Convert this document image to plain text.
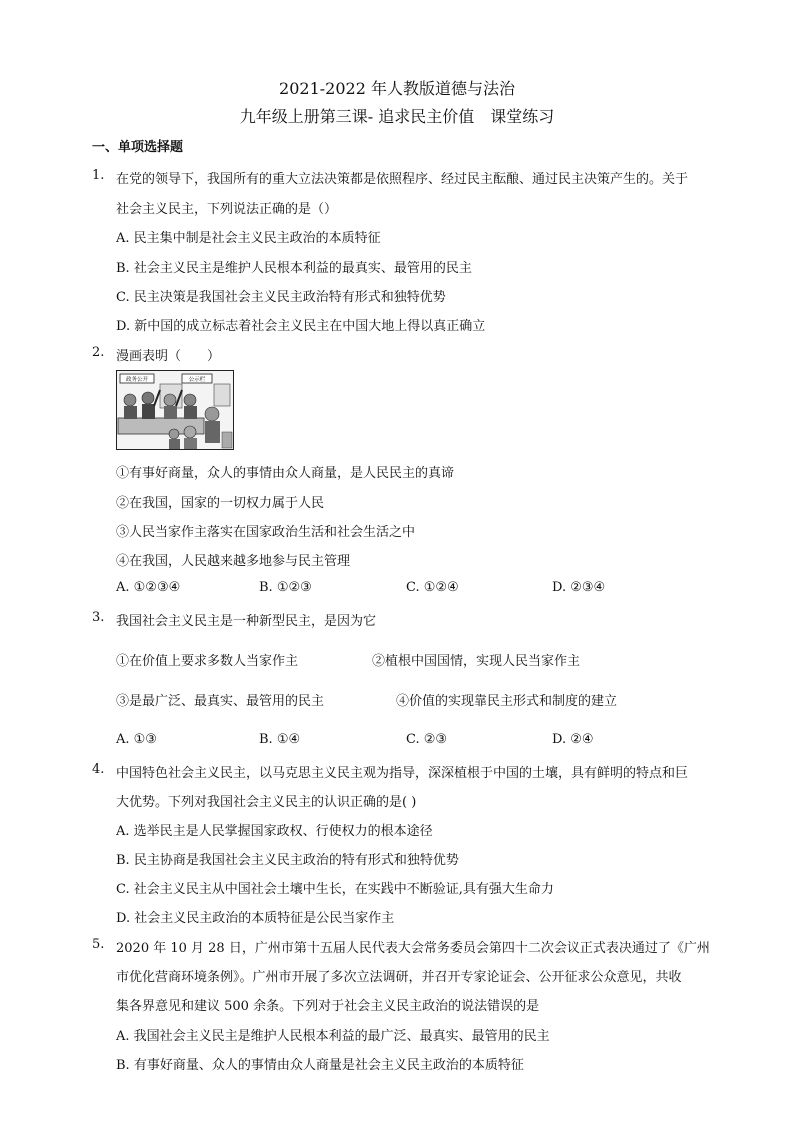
2021-2022 年人教版道德与法治
九年级上册第三课- 追求民主价值　课堂练习
一、单项选择题
1. 在党的领导下，我国所有的重大立法决策都是依照程序、经过民主酝酿、通过民主决策产生的。关于
社会主义民主，下列说法正确的是（）
A. 民主集中制是社会主义民主政治的本质特征
B. 社会主义民主是维护人民根本利益的最真实、最管用的民主
C. 民主决策是我国社会主义民主政治特有形式和独特优势
D. 新中国的成立标志着社会主义民主在中国大地上得以真正确立
2. 漫画表明（　　）
政务公开	公示栏
①有事好商量，众人的事情由众人商量，是人民民主的真谛
②在我国，国家的一切权力属于人民
③人民当家作主落实在国家政治生活和社会生活之中
④在我国，人民越来越多地参与民主管理
A. ①②③④	B. ①②③	C. ①②④	D. ②③④
3. 我国社会主义民主是一种新型民主，是因为它
①在价值上要求多数人当家作主	②植根中国国情，实现人民当家作主
③是最广泛、最真实、最管用的民主	④价值的实现靠民主形式和制度的建立
A. ①③	B. ①④	C. ②③	D. ②④
4. 中国特色社会主义民主，以马克思主义民主观为指导，深深植根于中国的土壤，具有鲜明的特点和巨
大优势。下列对我国社会主义民主的认识正确的是( )
A. 选举民主是人民掌握国家政权、行使权力的根本途径
B. 民主协商是我国社会主义民主政治的特有形式和独特优势
C. 社会主义民主从中国社会土壤中生长，在实践中不断验证,具有强大生命力
D. 社会主义民主政治的本质特征是公民当家作主
5. 2020 年 10 月 28 日，广州市第十五届人民代表大会常务委员会第四十二次会议正式表决通过了《广州
市优化营商环境条例》。广州市开展了多次立法调研，并召开专家论证会、公开征求公众意见，共收
集各界意见和建议 500 余条。下列对于社会主义民主政治的说法错误的是
A. 我国社会主义民主是维护人民根本利益的最广泛、最真实、最管用的民主
B. 有事好商量、众人的事情由众人商量是社会主义民主政治的本质特征
